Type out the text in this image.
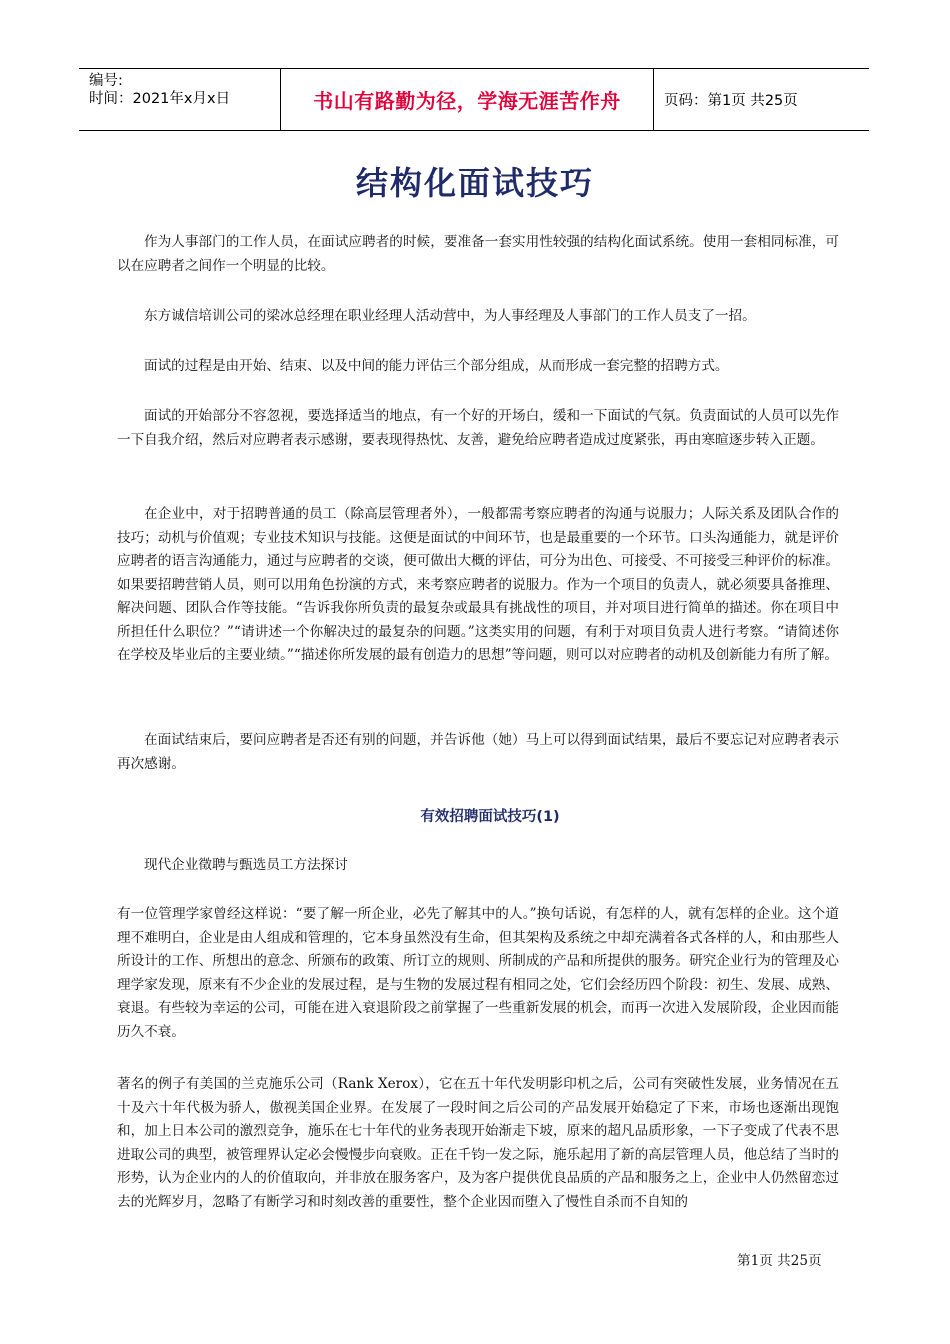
编号:
时间：2021年x月x日	书山有路勤为径，学海无涯苦作舟	页码：第1页 共25页
结构化面试技巧
作为人事部门的工作人员，在面试应聘者的时候，要准备一套实用性较强的结构化面试系统。使用一套相同标准，可以在应聘者之间作一个明显的比较。
东方诚信培训公司的梁冰总经理在职业经理人活动营中，为人事经理及人事部门的工作人员支了一招。
面试的过程是由开始、结束、以及中间的能力评估三个部分组成，从而形成一套完整的招聘方式。
面试的开始部分不容忽视，要选择适当的地点，有一个好的开场白，缓和一下面试的气氛。负责面试的人员可以先作一下自我介绍，然后对应聘者表示感谢，要表现得热忱、友善，避免给应聘者造成过度紧张，再由寒暄逐步转入正题。
在企业中，对于招聘普通的员工（除高层管理者外），一般都需考察应聘者的沟通与说服力；人际关系及团队合作的技巧；动机与价值观；专业技术知识与技能。这便是面试的中间环节，也是最重要的一个环节。口头沟通能力，就是评价应聘者的语言沟通能力，通过与应聘者的交谈，便可做出大概的评估，可分为出色、可接受、不可接受三种评价的标准。如果要招聘营销人员，则可以用角色扮演的方式，来考察应聘者的说服力。作为一个项目的负责人，就必须要具备推理、解决问题、团队合作等技能。“告诉我你所负责的最复杂或最具有挑战性的项目，并对项目进行简单的描述。你在项目中所担任什么职位？”“请讲述一个你解决过的最复杂的问题。”这类实用的问题，有利于对项目负责人进行考察。“请简述你在学校及毕业后的主要业绩。”“描述你所发展的最有创造力的思想”等问题，则可以对应聘者的动机及创新能力有所了解。
在面试结束后，要问应聘者是否还有别的问题，并告诉他（她）马上可以得到面试结果，最后不要忘记对应聘者表示再次感谢。
有效招聘面试技巧(1)
现代企业徵聘与甄选员工方法探讨
有一位管理学家曾经这样说：“要了解一所企业，必先了解其中的人。”换句话说，有怎样的人，就有怎样的企业。这个道理不难明白，企业是由人组成和管理的，它本身虽然没有生命，但其架构及系统之中却充满着各式各样的人，和由那些人所设计的工作、所想出的意念、所颁布的政策、所订立的规则、所制成的产品和所提供的服务。研究企业行为的管理及心理学家发现，原来有不少企业的发展过程，是与生物的发展过程有相同之处，它们会经历四个阶段：初生、发展、成熟、衰退。有些较为幸运的公司，可能在进入衰退阶段之前掌握了一些重新发展的机会，而再一次进入发展阶段，企业因而能历久不衰。
著名的例子有美国的兰克施乐公司（Rank Xerox），它在五十年代发明影印机之后，公司有突破性发展，业务情况在五十及六十年代极为骄人，傲视美国企业界。在发展了一段时间之后公司的产品发展开始稳定了下来，市场也逐渐出现饱和，加上日本公司的激烈竞争，施乐在七十年代的业务表现开始渐走下坡，原来的超凡品质形象，一下子变成了代表不思进取公司的典型，被管理界认定必会慢慢步向衰败。正在千钧一发之际，施乐起用了新的高层管理人员，他总结了当时的形势，认为企业内的人的价值取向，并非放在服务客户，及为客户提供优良品质的产品和服务之上，企业中人仍然留恋过去的光辉岁月，忽略了有断学习和时刻改善的重要性，整个企业因而堕入了慢性自杀而不自知的
第1页 共25页
